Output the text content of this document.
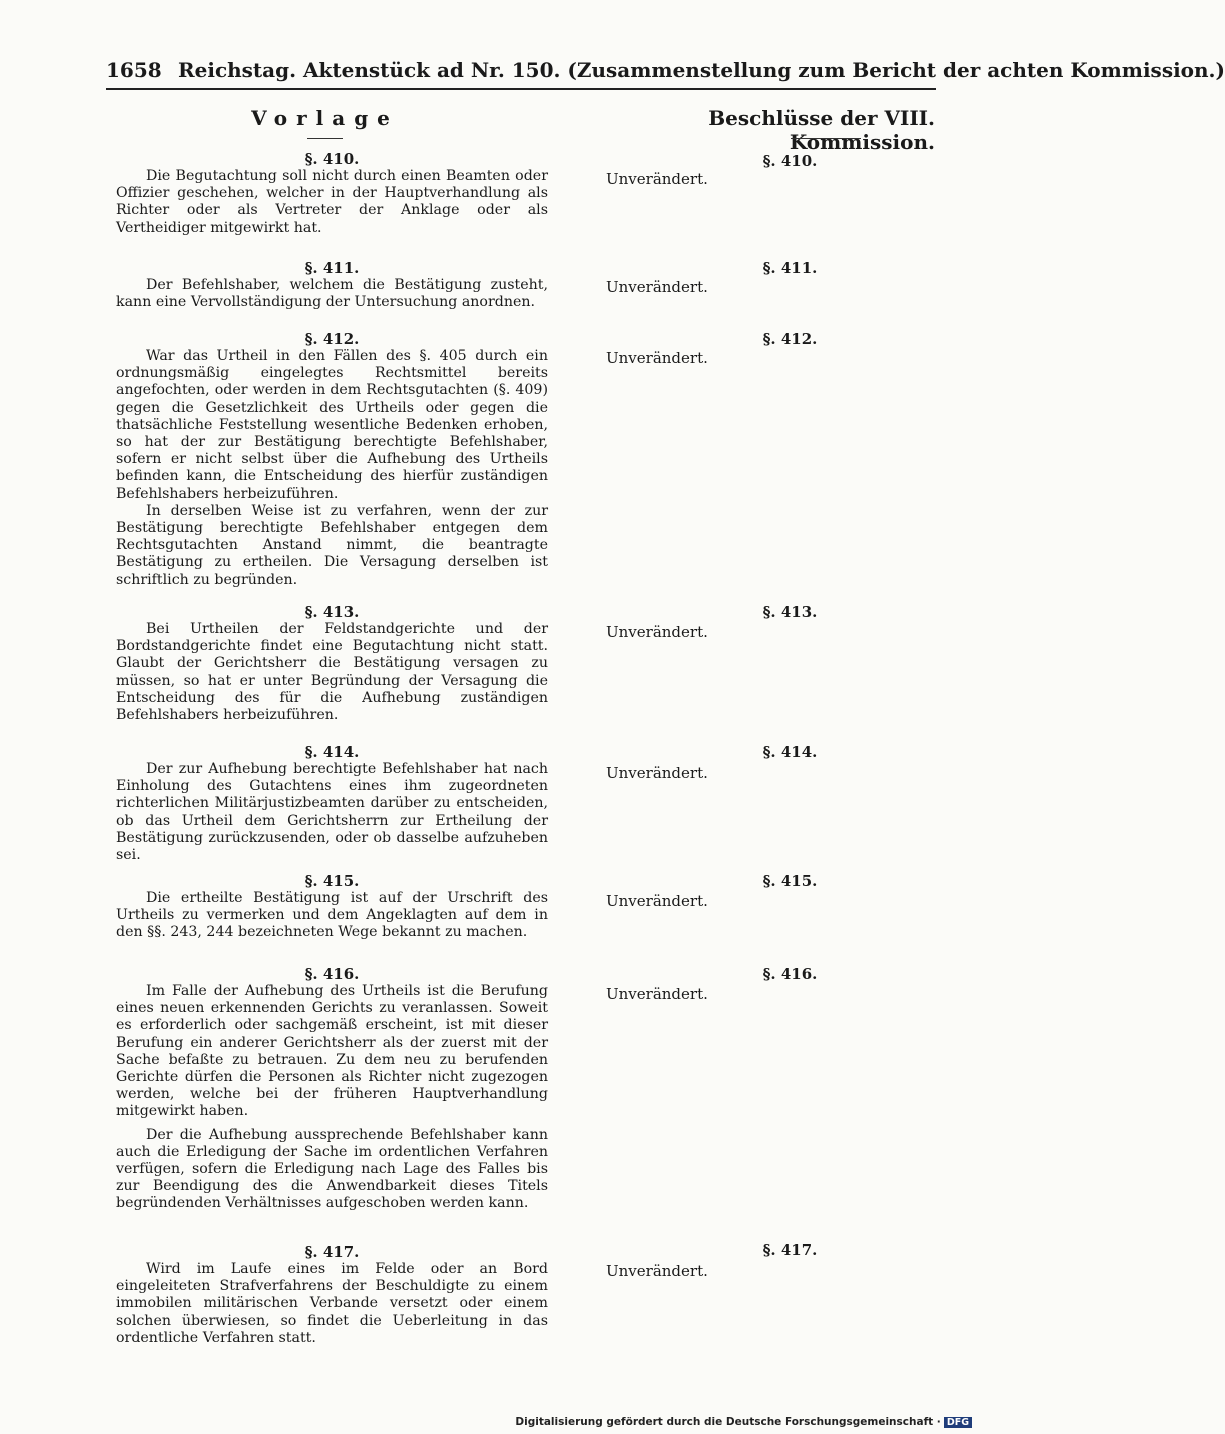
1658 Reichstag. Aktenstück ad Nr. 150. (Zusammenstellung zum Bericht der achten Kommission.)
Vorlage	Beschlüsse der VIII. Kommission.
§. 410.

Die Begutachtung soll nicht durch einen Beamten oder Offizier geschehen, welcher in der Hauptverhandlung als Richter oder als Vertreter der Anklage oder als Vertheidiger mitgewirkt hat.

Unverändert.
§. 410.
§. 411.

Der Befehlshaber, welchem die Bestätigung zusteht, kann eine Vervollständigung der Untersuchung anordnen.

Unverändert.
§. 411.
§. 412.

War das Urtheil in den Fällen des §. 405 durch ein ordnungsmäßig eingelegtes Rechtsmittel bereits angefochten, oder werden in dem Rechtsgutachten (§. 409) gegen die Gesetzlichkeit des Urtheils oder gegen die thatsächliche Feststellung wesentliche Bedenken erhoben, so hat der zur Bestätigung berechtigte Befehlshaber, sofern er nicht selbst über die Aufhebung des Urtheils befinden kann, die Entscheidung des hierfür zuständigen Befehlshabers herbeizuführen.

In derselben Weise ist zu verfahren, wenn der zur Bestätigung berechtigte Befehlshaber entgegen dem Rechtsgutachten Anstand nimmt, die beantragte Bestätigung zu ertheilen. Die Versagung derselben ist schriftlich zu begründen.

Unverändert.
§. 412.
§. 413.

Bei Urtheilen der Feldstandgerichte und der Bordstandgerichte findet eine Begutachtung nicht statt. Glaubt der Gerichtsherr die Bestätigung versagen zu müssen, so hat er unter Begründung der Versagung die Entscheidung des für die Aufhebung zuständigen Befehlshabers herbeizuführen.

Unverändert.
§. 413.
§. 414.

Der zur Aufhebung berechtigte Befehlshaber hat nach Einholung des Gutachtens eines ihm zugeordneten richterlichen Militärjustizbeamten darüber zu entscheiden, ob das Urtheil dem Gerichtsherrn zur Ertheilung der Bestätigung zurückzusenden, oder ob dasselbe aufzuheben sei.

Unverändert.
§. 414.
§. 415.

Die ertheilte Bestätigung ist auf der Urschrift des Urtheils zu vermerken und dem Angeklagten auf dem in den §§. 243, 244 bezeichneten Wege bekannt zu machen.

Unverändert.
§. 415.
§. 416.

Im Falle der Aufhebung des Urtheils ist die Berufung eines neuen erkennenden Gerichts zu veranlassen. Soweit es erforderlich oder sachgemäß erscheint, ist mit dieser Berufung ein anderer Gerichtsherr als der zuerst mit der Sache befaßte zu betrauen. Zu dem neu zu berufenden Gerichte dürfen die Personen als Richter nicht zugezogen werden, welche bei der früheren Hauptverhandlung mitgewirkt haben.

Der die Aufhebung aussprechende Befehlshaber kann auch die Erledigung der Sache im ordentlichen Verfahren verfügen, sofern die Erledigung nach Lage des Falles bis zur Beendigung des die Anwendbarkeit dieses Titels begründenden Verhältnisses aufgeschoben werden kann.

Unverändert.
§. 416.
§. 417.

Wird im Laufe eines im Felde oder an Bord eingeleiteten Strafverfahrens der Beschuldigte zu einem immobilen militärischen Verbande versetzt oder einem solchen überwiesen, so findet die Ueberleitung in das ordentliche Verfahren statt.

Unverändert.
§. 417.
Digitalisierung gefördert durch die Deutsche Forschungsgemeinschaft · DFG
